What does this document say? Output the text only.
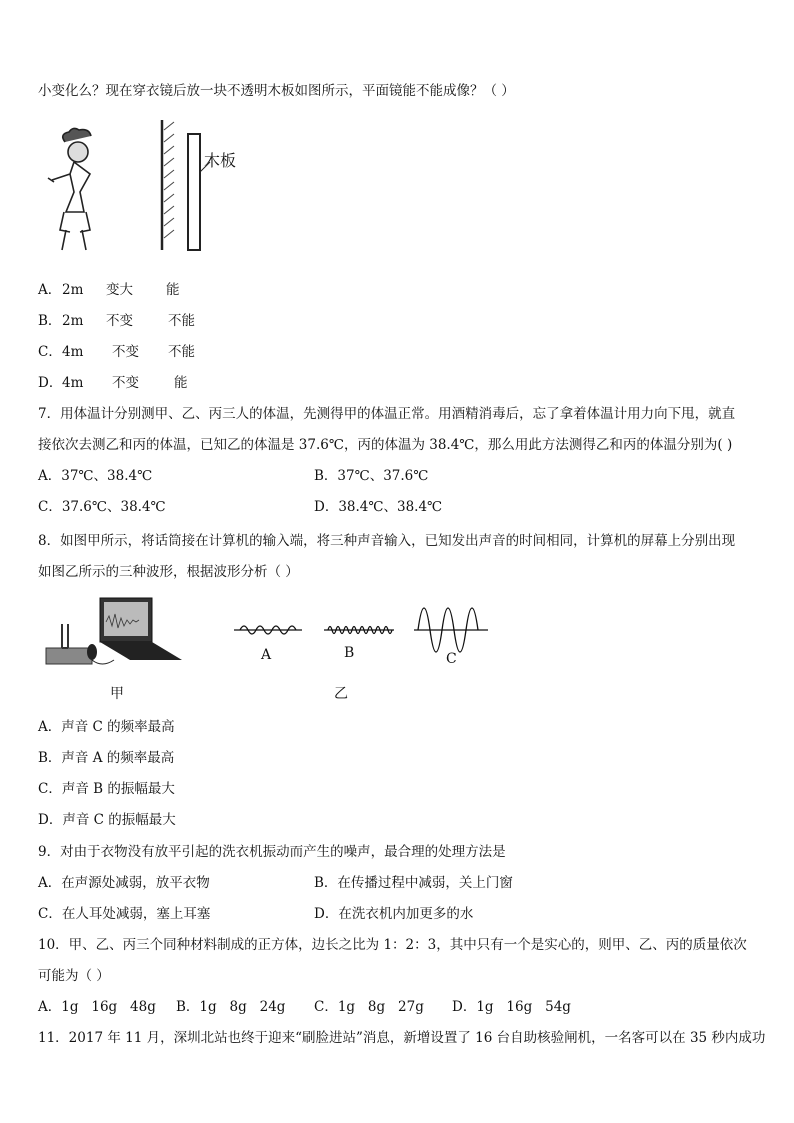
小变化么？现在穿衣镜后放一块不透明木板如图所示，平面镜能不能成像？（ ）
木板
A．2m 变大 能
B．2m 不变	不能
C．4m 不变 不能
D．4m 不变	能
7．用体温计分别测甲、乙、丙三人的体温，先测得甲的体温正常。用酒精消毒后，忘了拿着体温计用力向下甩，就直
接依次去测乙和丙的体温，已知乙的体温是 37.6℃，丙的体温为 38.4℃，那么用此方法测得乙和丙的体温分别为( )
A．37℃、38.4℃	B．37℃、37.6℃
C．37.6℃、38.4℃	D．38.4℃、38.4℃
8．如图甲所示，将话筒接在计算机的输入端，将三种声音输入，已知发出声音的时间相同，计算机的屏幕上分别出现
如图乙所示的三种波形，根据波形分析（ ）
A	B	C
甲	乙
A．声音 C 的频率最高
B．声音 A 的频率最高
C．声音 B 的振幅最大
D．声音 C 的振幅最大
9．对由于衣物没有放平引起的洗衣机振动而产生的噪声，最合理的处理方法是
A．在声源处减弱，放平衣物	B．在传播过程中减弱，关上门窗
C．在人耳处减弱，塞上耳塞	D．在洗衣机内加更多的水
10．甲、乙、丙三个同种材料制成的正方体，边长之比为 1：2：3，其中只有一个是实心的，则甲、乙、丙的质量依次
可能为（ ）
A．1g   16g   48g B．1g   8g   24g C．1g   8g   27g D．1g   16g   54g
11．2017 年 11 月，深圳北站也终于迎来“刷脸进站”消息，新增设置了 16 台自助核验闸机，一名客可以在 35 秒内成功
